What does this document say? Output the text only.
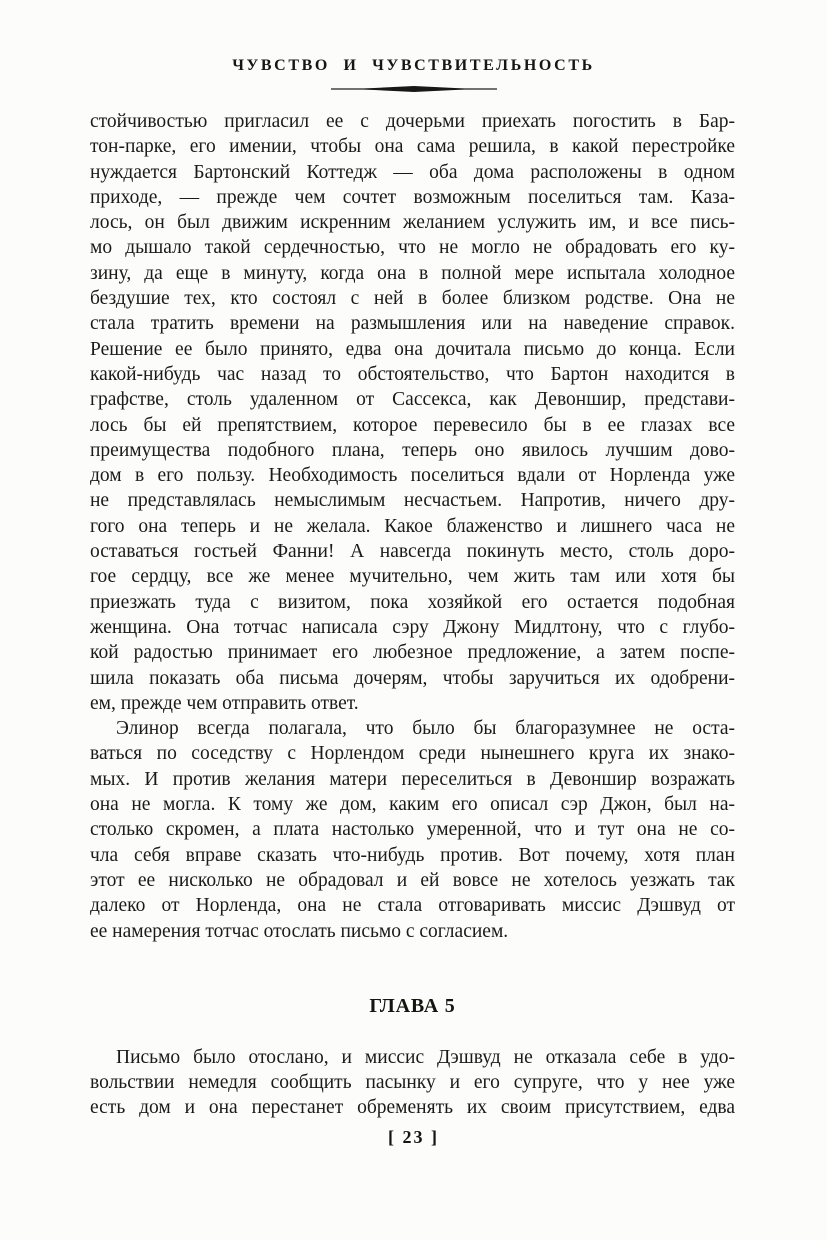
ЧУВСТВО И ЧУВСТВИТЕЛЬНОСТЬ
стойчивостью пригласил ее с дочерьми приехать погостить в Бар-
тон-парке, его имении, чтобы она сама решила, в какой перестройке
нуждается Бартонский Коттедж — оба дома расположены в одном
приходе, — прежде чем сочтет возможным поселиться там. Каза-
лось, он был движим искренним желанием услужить им, и все пись-
мо дышало такой сердечностью, что не могло не обрадовать его ку-
зину, да еще в минуту, когда она в полной мере испытала холодное
бездушие тех, кто состоял с ней в более близком родстве. Она не
стала тратить времени на размышления или на наведение справок.
Решение ее было принято, едва она дочитала письмо до конца. Если
какой-нибудь час назад то обстоятельство, что Бартон находится в
графстве, столь удаленном от Сассекса, как Девоншир, представи-
лось бы ей препятствием, которое перевесило бы в ее глазах все
преимущества подобного плана, теперь оно явилось лучшим дово-
дом в его пользу. Необходимость поселиться вдали от Норленда уже
не представлялась немыслимым несчастьем. Напротив, ничего дру-
гого она теперь и не желала. Какое блаженство и лишнего часа не
оставаться гостьей Фанни! А навсегда покинуть место, столь доро-
гое сердцу, все же менее мучительно, чем жить там или хотя бы
приезжать туда с визитом, пока хозяйкой его остается подобная
женщина. Она тотчас написала сэру Джону Мидлтону, что с глубо-
кой радостью принимает его любезное предложение, а затем поспе-
шила показать оба письма дочерям, чтобы заручиться их одобрени-
ем, прежде чем отправить ответ.
Элинор всегда полагала, что было бы благоразумнее не оста-
ваться по соседству с Норлендом среди нынешнего круга их знако-
мых. И против желания матери переселиться в Девоншир возражать
она не могла. К тому же дом, каким его описал сэр Джон, был на-
столько скромен, а плата настолько умеренной, что и тут она не со-
чла себя вправе сказать что-нибудь против. Вот почему, хотя план
этот ее нисколько не обрадовал и ей вовсе не хотелось уезжать так
далеко от Норленда, она не стала отговаривать миссис Дэшвуд от
ее намерения тотчас отослать письмо с согласием.
ГЛАВА 5
Письмо было отослано, и миссис Дэшвуд не отказала себе в удо-
вольствии немедля сообщить пасынку и его супруге, что у нее уже
есть дом и она перестанет обременять их своим присутствием, едва
[ 23 ]
